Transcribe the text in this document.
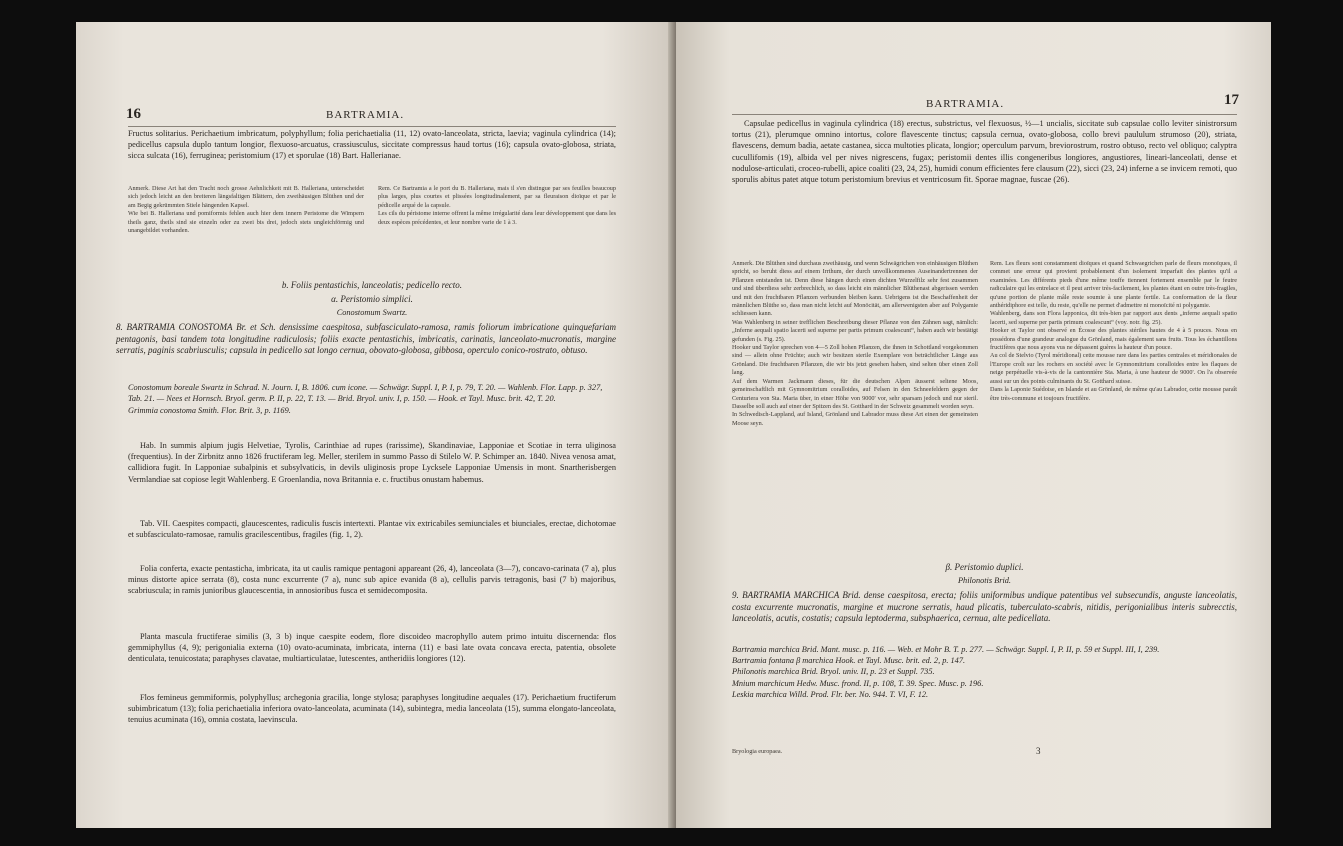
16	BARTRAMIA.
Fructus solitarius. Perichaetium imbricatum, polyphyllum; folia perichaetialia (11, 12) ovato-lanceolata, stricta, laevia; vaginula cylindrica (14); pedicellus capsula duplo tantum longior, flexuoso-arcuatus, crassiusculus, siccitate compressus haud tortus (16); capsula ovato-globosa, striata, sicca sulcata (16), ferruginea; peristomium (17) et sporulae (18) Bart. Hallerianae.
Anmerk. Diese Art hat den Tracht noch grosse Aehnlichkeit mit B. Halleriana, unterscheidet sich jedoch leicht an den breiteren längsfaltigen Blättern, den zweihäusigen Blüthen und der am Begig gekrümmten Stiele hängenden Kapsel.
Wie bei B. Halleriana und pomiformis fehlen auch hier dem innern Peristome die Wimpern theils ganz, theils sind sie einzeln oder zu zwei bis drei, jedoch stets ungleichförmig und unangebildet vorhanden.
Rem. Ce Bartramia a le port du B. Halleriana, mais il s'en distingue par ses feuilles beaucoup plus larges, plus courtes et plissées longitudinalement, par sa fleuraison dioïque et par le pédicelle arqué de la capsule.
Les cils du péristome interne offrent la même irrégularité dans leur développement que dans les deux espèces précédentes, et leur nombre varie de 1 à 3.
b. Foliis pentastichis, lanceolatis; pedicello recto.
α. Peristomio simplici.
Conostomum Swartz.
8. BARTRAMIA CONOSTOMA Br. et Sch. densissime caespitosa, subfasciculato-ramosa, ramis foliorum imbricatione quinquefariam pentagonis, basi tandem tota longitudine radiculosis; foliis exacte pentastichis, imbricatis, carinatis, lanceolato-mucronatis, margine serratis, paginis scabriusculis; capsula in pedicello sat longo cernua, obovato-globosa, gibbosa, operculo conico-rostrato, obtuso.
Conostomum boreale Swartz in Schrad. N. Journ. I, B. 1806. cum icone. — Schwägr. Suppl. I, P. I, p. 79, T. 20. — Wahlenb. Flor. Lapp. p. 327, Tab. 21. — Nees et Hornsch. Bryol. germ. P. II, p. 22, T. 13. — Brid. Bryol. univ. I, p. 150. — Hook. et Tayl. Musc. brit. 42, T. 20.
Grimmia conostoma Smith. Flor. Brit. 3, p. 1169.
Hab. In summis alpium jugis Helvetiae, Tyrolis, Carinthiae ad rupes (rarissime), Skandinaviae, Lapponiae et Scotiae in terra uliginosa (frequentius). In der Zirbnitz anno 1826 fructiferam leg. Meller, sterilem in summo Passo di Stilelo W. P. Schimper an. 1840. Nivea venosa amat, callidiora fugit. In Lapponiae subalpinis et subsylvaticis, in devils uliginosis prope Lycksele Lapponiae Umensis in mont. Snartherisbergen Vermlandiae sat copiose legit Wahlenberg. E Groenlandia, nova Britannia e. c. fructibus onustam habemus.
Tab. VII. Caespites compacti, glaucescentes, radiculis fuscis intertexti. Plantae vix extricabiles semiunciales et biunciales, erectae, dichotomae et subfasciculato-ramosae, ramulis gracilescentibus, fragiles (fig. 1, 2).
Folia conferta, exacte pentasticha, imbricata, ita ut caulis ramique pentagoni appareant (26, 4), lanceolata (3—7), concavo-carinata (7 a), plus minus distorte apice serrata (8), costa nunc excurrente (7 a), nunc sub apice evanida (8 a), cellulis parvis tetragonis, basi (7 b) majoribus, scabriuscula; in ramis junioribus glaucescentia, in annosioribus fusca et semidecomposita.
Planta mascula fructiferae similis (3, 3 b) inque caespite eodem, flore discoideo macrophyllo autem primo intuitu discernenda: flos gemmiphyllus (4, 9); perigonialia externa (10) ovato-acuminata, imbricata, interna (11) e basi late ovata concava erecta, patentia, obsolete denticulata, tenuicostata; paraphyses clavatae, multiarticulatae, lutescentes, antheridiis longiores (12).
Flos femineus gemmiformis, polyphyllus; archegonia gracilia, longe stylosa; paraphyses longitudine aequales (17). Perichaetium fructiferum subimbricatum (13); folia perichaetialia inferiora ovato-lanceolata, acuminata (14), subintegra, media lanceolata (15), summa elongato-lanceolata, tenuius acuminata (16), omnia costata, laevinscula.
BARTRAMIA.	17
Capsulae pedicellus in vaginula cylindrica (18) erectus, substrictus, vel flexuosus, ½—1 uncialis, siccitate sub capsulae collo leviter sinistrorsum tortus (21), plerumque omnino intortus, colore flavescente tinctus; capsula cernua, ovato-globosa, collo brevi paululum strumoso (20), striata, flavescens, demum badia, aetate castanea, sicca multoties plicata, longior; operculum parvum, breviorostrum, rostro obtuso, recto vel obliquo; calyptra cucullifomis (19), albida vel per nives nigrescens, fugax; peristomii dentes illis congeneribus longiores, angustiores, lineari-lanceolati, dense et nodulose-articulati, croceo-rubelli, apice coaliti (23, 24, 25), humidi conum efficientes fere clausum (22), sicci (23, 24) inferne a se invicem remoti, quo sporulis abitus patet atque totum peristomium brevius et ventricosum fit. Sporae magnae, fuscae (26).
Anmerk. Die Blüthen sind durchaus zweihäusig, und wenn Schwägrichen von einhäusigen Blüthen spricht, so beruht diess auf einem Irrthum, der durch unvollkommenes Auseinandertrennen der Pflanzen entstanden ist. Denn diese hängen durch einen dichten Wurzelfilz sehr fest zusammen und sind überdiess sehr zerbrechlich, so dass leicht ein männlicher Blüthenast abgerissen werden und mit den fruchtbaren Pflanzen verbunden bleiben kann. Uebrigens ist die Beschaffenheit der männlichen Blüthe so, dass man nicht leicht auf Monöcität, am allerwenigsten aber auf Polygamie schliessen kann.
Was Wahlenberg in seiner trefflichen Beschreibung dieser Pflanze von den Zähnen sagt, nämlich: „Inferne aequali spatio lacerti sed superne per partis primum coalescunt“, haben auch wir bestätigt gefunden (s. Fig. 25).
Hooker und Taylor sprechen von 4—5 Zoll hohen Pflanzen, die ihnen in Schottland vorgekommen sind — allein ohne Früchte; auch wir besitzen sterile Exemplare von beträchtlicher Länge aus Grönland. Die fruchtbaren Pflanzen, die wir bis jetzt gesehen haben, sind selten über einen Zoll lang.
Auf dem Warmen Jackmann dieses, für die deutschen Alpen äusserst seltene Moos, gemeinschaftlich mit Gymnomitrium coralloides, auf Felsen in den Schneefeldern gegen der Centuriera von Sta. Maria über, in einer Höhe von 9000' vor, sehr sparsam jedoch und nur steril. Dasselbe soll auch auf einer der Spitzen des St. Gotthard in der Schweiz gesammelt worden seyn.
In Schwedisch-Lappland, auf Island, Grönland und Labrador muss diese Art einen der gemeinsten Moose seyn.
Rem. Les fleurs sont constamment dioïques et quand Schwaegrichen parle de fleurs monoïques, il commet une erreur qui provient probablement d'un isolement imparfait des plantes qu'il a examinées. Les différents pieds d'une même touffe tiennent fortement ensemble par le feutre radiculaire qui les entrelace et il peut arriver très-facilement, les plantes étant en outre très-fragiles, qu'une portion de plante mâle reste soumie à une plante fertile. La conformation de la fleur anthéridiphore est telle, du reste, qu'elle ne permet d'admettre ni monoïcité ni polygamie.
Wahlenberg, dans son Flora lapponica, dit très-bien par rapport aux dents „inferne aequali spatio lacerti, sed superne per partis primum coalescunt“ (voy. notr. fig. 25).
Hooker et Taylor ont observé en Écosse des plantes stériles hautes de 4 à 5 pouces. Nous en possédons d'une grandeur analogue du Grönland, mais également sans fruits. Tous les échantillons fructifères que nous ayons vus ne dépassent guères la hauteur d'un pouce.
Au col de Stelvio (Tyrol méridional) cette mousse rare dans les parties centrales et méridionales de l'Europe croît sur les rochers en société avec le Gymnomitrium coralloides entre les flaques de neige perpétuelle vis-à-vis de la cantonnière Sta. Maria, à une hauteur de 9000'. On l'a observée aussi sur un des points culminants du St. Gotthard suisse.
Dans la Laponie Suédoise, en Islande et au Grönland, de même qu'au Labrador, cette mousse paraît être très-commune et toujours fructifère.
β. Peristomio duplici.
Philonotis Brid.
9. BARTRAMIA MARCHICA Brid. dense caespitosa, erecta; foliis uniformibus undique patentibus vel subsecundis, anguste lanceolatis, costa excurrente mucronatis, margine et mucrone serratis, haud plicatis, tuberculato-scabris, nitidis, perigonialibus interis subrecctis, lanceolatis, acutis, costatis; capsula leptoderma, subsphaerica, cernua, alte pedicellata.
Bartramia marchica Brid. Mant. musc. p. 116. — Web. et Mohr B. T. p. 277. — Schwägr. Suppl. I, P. II, p. 59 et Suppl. III, I, 239.
Bartramia fontana β marchica Hook. et Tayl. Musc. brit. ed. 2, p. 147.
Philonotis marchica Brid. Bryol. univ. II, p. 23 et Suppl. 735.
Mnium marchicum Hedw. Musc. frond. II, p. 108, T. 39. Spec. Musc. p. 196.
Leskia marchica Willd. Prod. Flr. ber. No. 944. T. VI, F. 12.
Bryologia europaea.	3
